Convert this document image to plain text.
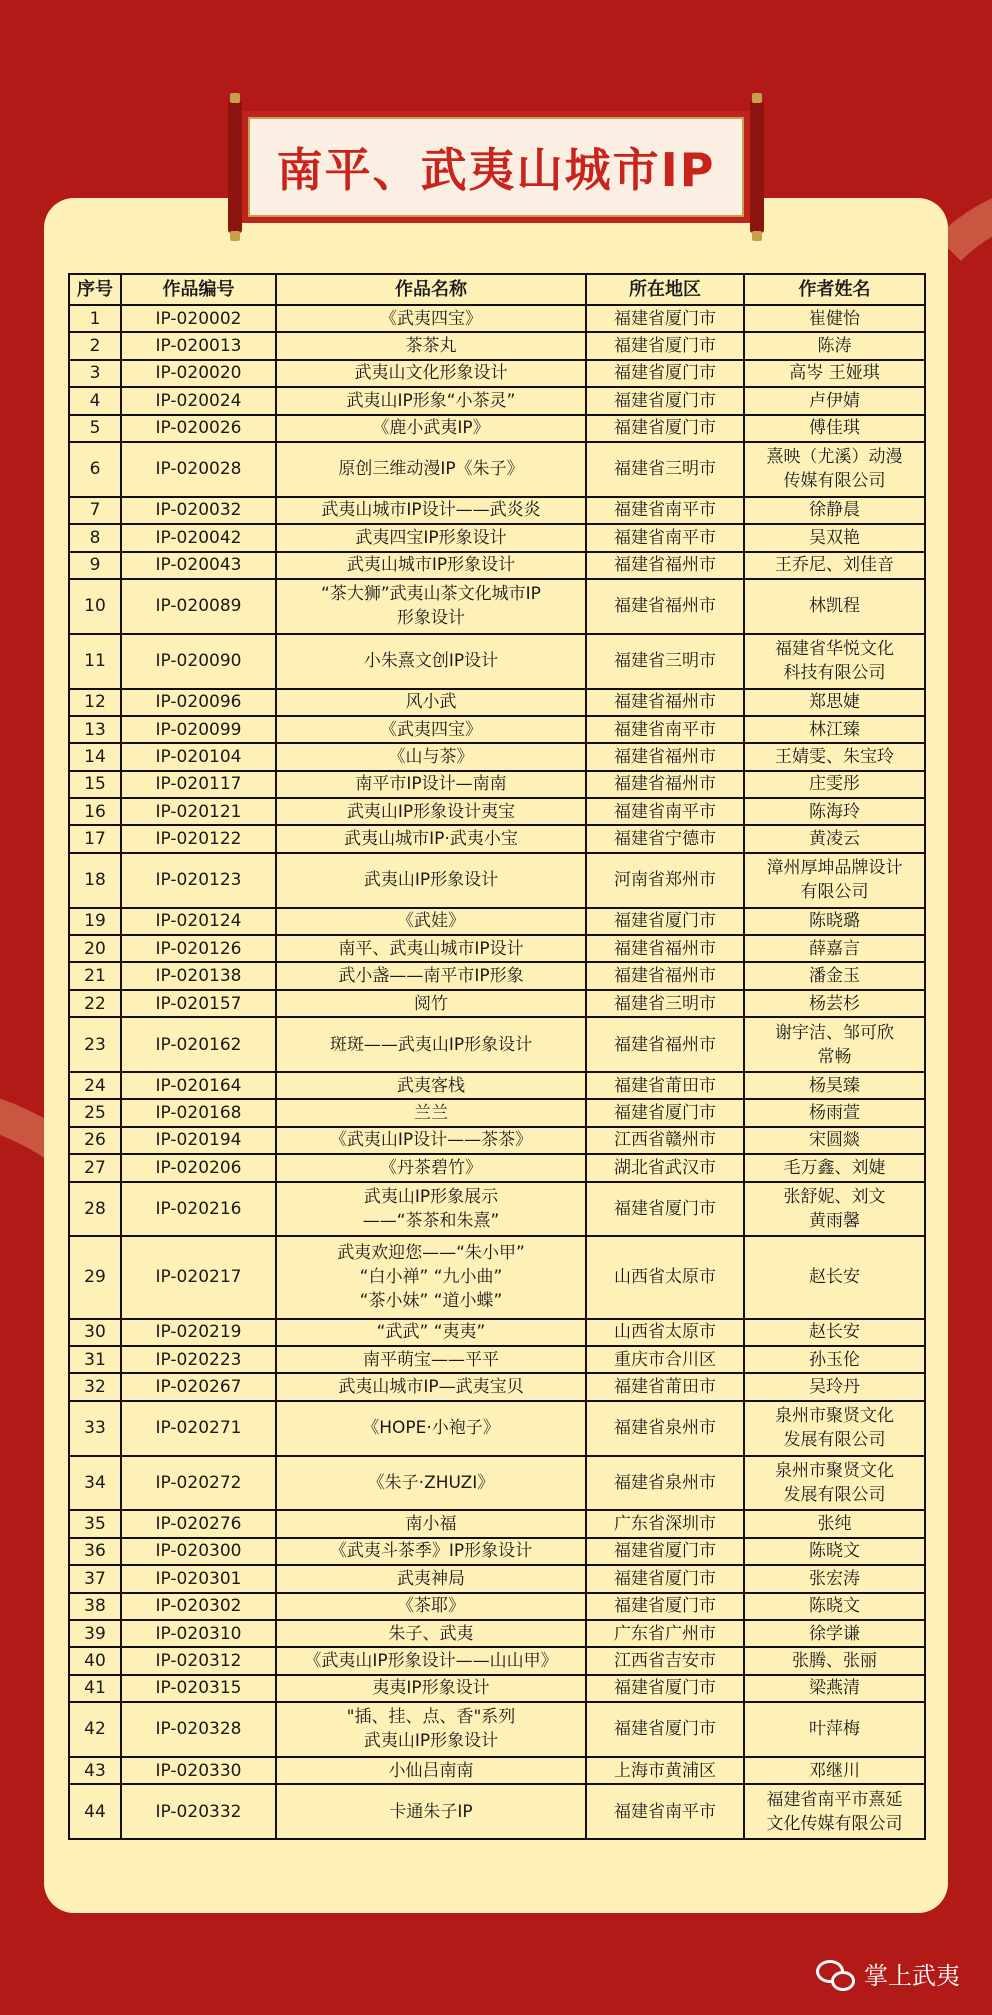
南平、武夷山城市IP
序号	作品编号	作品名称	所在地区	作者姓名
1	IP-020002	《武夷四宝》	福建省厦门市	崔健怡
2	IP-020013	茶茶丸	福建省厦门市	陈涛
3	IP-020020	武夷山文化形象设计	福建省厦门市	高岑 王娅琪
4	IP-020024	武夷山IP形象“小茶灵”	福建省厦门市	卢伊婧
5	IP-020026	《鹿小武夷IP》	福建省厦门市	傅佳琪
6	IP-020028	原创三维动漫IP《朱子》	福建省三明市	熹映（尤溪）动漫
传媒有限公司
7	IP-020032	武夷山城市IP设计——武炎炎	福建省南平市	徐静晨
8	IP-020042	武夷四宝IP形象设计	福建省南平市	吴双艳
9	IP-020043	武夷山城市IP形象设计	福建省福州市	王乔尼、刘佳音
10	IP-020089	“茶大狮”武夷山茶文化城市IP
形象设计	福建省福州市	林凯程
11	IP-020090	小朱熹文创IP设计	福建省三明市	福建省华悦文化
科技有限公司
12	IP-020096	风小武	福建省福州市	郑思婕
13	IP-020099	《武夷四宝》	福建省南平市	林江臻
14	IP-020104	《山与茶》	福建省福州市	王婧雯、朱宝玲
15	IP-020117	南平市IP设计—南南	福建省福州市	庄雯彤
16	IP-020121	武夷山IP形象设计夷宝	福建省南平市	陈海玲
17	IP-020122	武夷山城市IP·武夷小宝	福建省宁德市	黄凌云
18	IP-020123	武夷山IP形象设计	河南省郑州市	漳州厚坤品牌设计
有限公司
19	IP-020124	《武娃》	福建省厦门市	陈晓璐
20	IP-020126	南平、武夷山城市IP设计	福建省福州市	薛嘉言
21	IP-020138	武小盏——南平市IP形象	福建省福州市	潘金玉
22	IP-020157	阅竹	福建省三明市	杨芸杉
23	IP-020162	斑斑——武夷山IP形象设计	福建省福州市	谢宇洁、邹可欣
常畅
24	IP-020164	武夷客栈	福建省莆田市	杨昊臻
25	IP-020168	兰兰	福建省厦门市	杨雨萱
26	IP-020194	《武夷山IP设计——茶茶》	江西省赣州市	宋圆燚
27	IP-020206	《丹茶碧竹》	湖北省武汉市	毛万鑫、刘婕
28	IP-020216	武夷山IP形象展示
——“茶茶和朱熹”	福建省厦门市	张舒妮、刘文
黄雨馨
29	IP-020217	武夷欢迎您——“朱小甲”
“白小禅” “九小曲”
“茶小妹” “道小蝶”	山西省太原市	赵长安
30	IP-020219	“武武” “夷夷”	山西省太原市	赵长安
31	IP-020223	南平萌宝——平平	重庆市合川区	孙玉伦
32	IP-020267	武夷山城市IP—武夷宝贝	福建省莆田市	吴玲丹
33	IP-020271	《HOPE·小袍子》	福建省泉州市	泉州市聚贤文化
发展有限公司
34	IP-020272	《朱子·ZHUZI》	福建省泉州市	泉州市聚贤文化
发展有限公司
35	IP-020276	南小福	广东省深圳市	张纯
36	IP-020300	《武夷斗茶季》IP形象设计	福建省厦门市	陈晓文
37	IP-020301	武夷神局	福建省厦门市	张宏涛
38	IP-020302	《茶耶》	福建省厦门市	陈晓文
39	IP-020310	朱子、武夷	广东省广州市	徐学谦
40	IP-020312	《武夷山IP形象设计——山山甲》	江西省吉安市	张腾、张丽
41	IP-020315	夷夷IP形象设计	福建省厦门市	梁燕清
42	IP-020328	"插、挂、点、香"系列
武夷山IP形象设计	福建省厦门市	叶萍梅
43	IP-020330	小仙吕南南	上海市黄浦区	邓继川
44	IP-020332	卡通朱子IP	福建省南平市	福建省南平市熹延
文化传媒有限公司
掌上武夷
